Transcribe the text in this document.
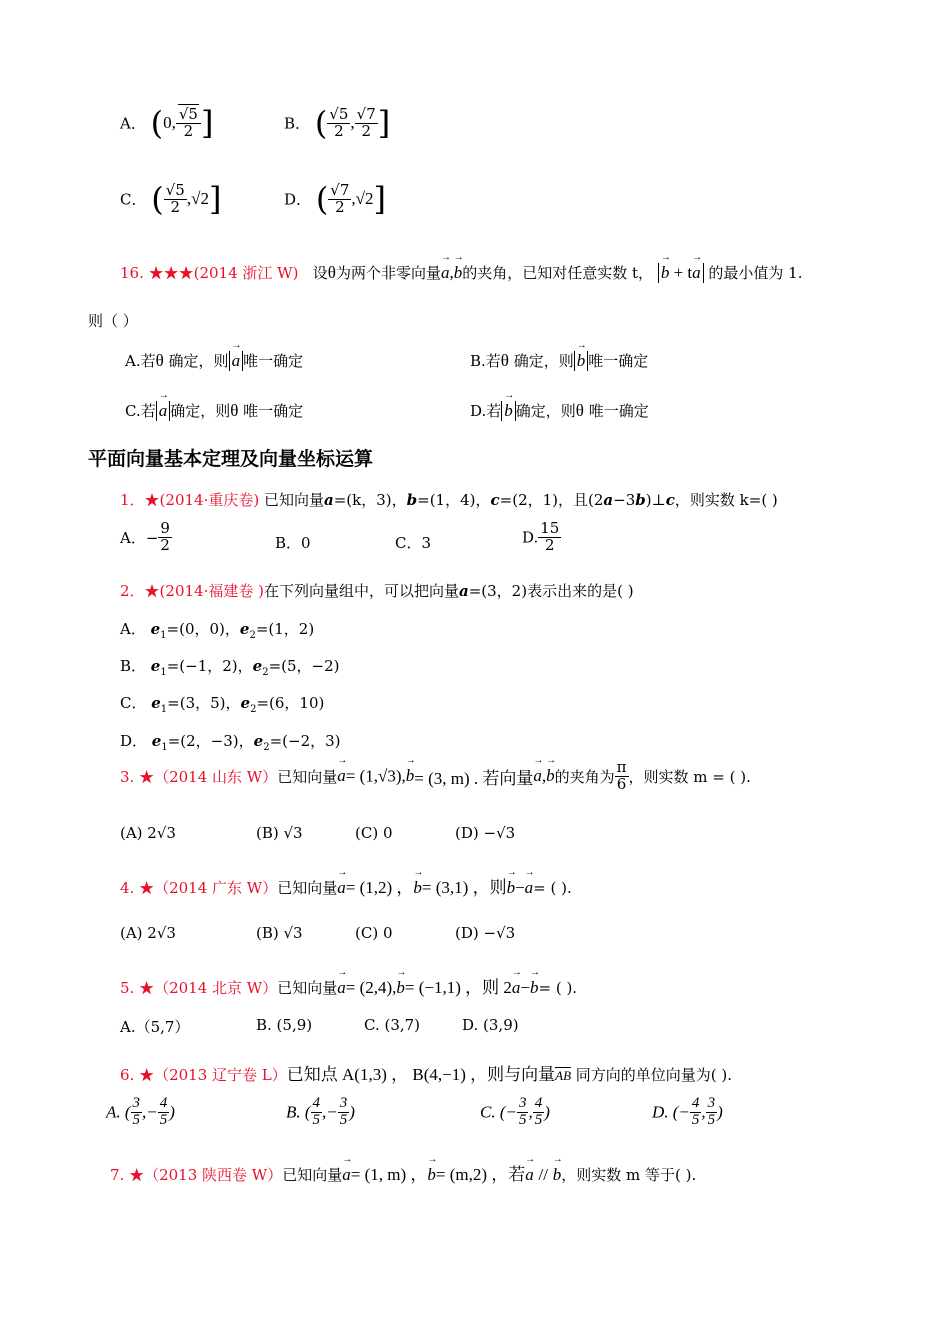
A． (0, $\frac{√5}{2}$ ]	B． ( $\frac{√5}{2}$ , $\frac{√7}{2}$ ]
C． ( $\frac{√5}{2} ,√2$]	D． ( $\frac{√7}{2} ,√2$]
16. ★★★(2014 浙江 W) 设θ为两个非零向量→ a,→ b的夹角，已知对任意实数 t， → b + t→ a 的最小值为 1.
则（ ）
A.若θ 确定，则 → a 唯一确定	B.若θ 确定，则 → b 唯一确定
C.若 → a 确定，则θ 唯一确定	D.若 → b 确定，则θ 唯一确定
平面向量基本定理及向量坐标运算
1．★(2014·重庆卷) 已知向量a=(k，3)，b=(1，4)，c=(2，1)，且(2a−3b)⊥c，则实数 k=( )
A．− $\frac{9}{2}$	B．0	C．3	D. $\frac{15}{2}$
2．★(2014·福建卷 )在下列向量组中，可以把向量a=(3，2)表示出来的是( )
A． $e_1=(0$，0)，$e_2=(1$，2)
B． $e_1=(-1$，2)，$e_2=(5$，−2)
C． $e_1=(3$，5)，$e_2=(6$，10)
D． $e_1=(2$，−3)，$e_2=(-2$，3)
3. ★（2014 山东 W）已知向量→ a= (1,√3),→ b= (3, m) . 若向量→ a,→ b的夹角为 $\frac{\pi}{6}$ ，则实数 m = ( ).
(A) 2√3	(B) √3	(C) 0	(D) −√3
4. ★（2014 广东 W）已知向量→ a= (1,2) ，→ b= (3,1) ，则→ b−→ a= ( ).
(A) 2√3	(B) √3	(C) 0	(D) −√3
5. ★（2014 北京 W）已知向量→ a= (2,4),→ b= (−1,1) ，则 2→ a−→ b= ( ).
A.（5,7）	B. (5,9)	C. (3,7)	D. (3,9)
6. ★（2013 辽宁卷 L）已知点 A(1,3) ， B(4,−1) ，则与向量AB 同方向的单位向量为( ).
A. ( $\frac{3}{5}$ ,− $\frac{4}{5}$ )	B. ( $\frac{4}{5}$ ,− $\frac{3}{5}$ )	C. (− $\frac{3}{5}$ , $\frac{4}{5}$ )	D. (− $\frac{4}{5}$ , $\frac{3}{5}$ )
7. ★（2013 陕西卷 W）已知向量→ a= (1, m) ，→ b= (m,2) ，若→ a // → b，则实数 m 等于( ).
